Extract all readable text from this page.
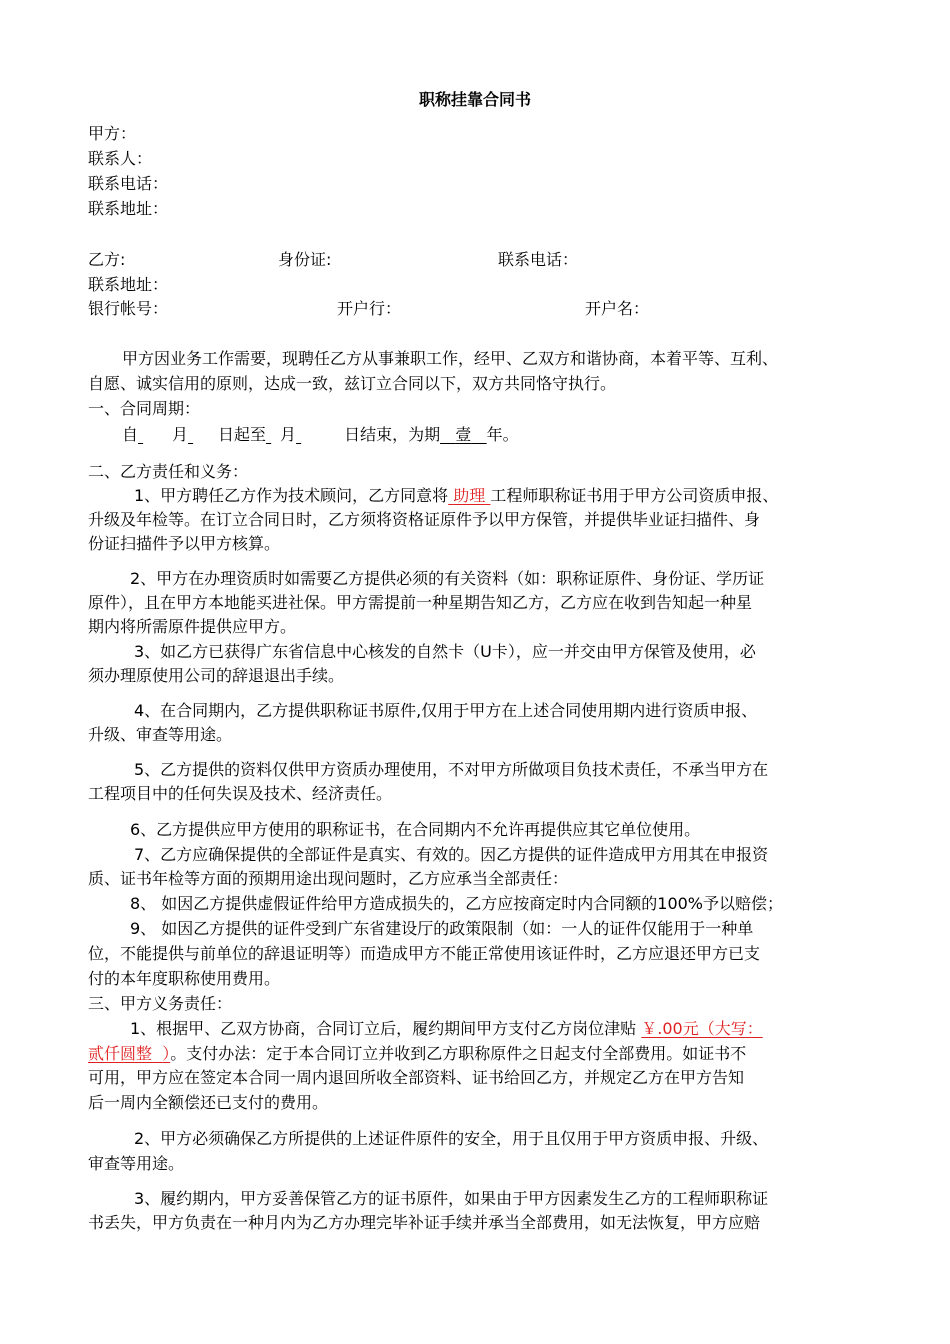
职称挂靠合同书
甲方：
联系人：
联系电话：
联系地址：
乙方:	身份证:	联系电话：
联系地址：
银行帐号：	开户行：	开户名：
甲方因业务工作需要，现聘任乙方从事兼职工作，经甲、乙双方和谐协商，本着平等、互利、
自愿、诚实信用的原则，达成一致，兹订立合同以下，双方共同恪守执行。
一、合同周期：
自​ 月​ 日起至​ 月​	日结束，为期 壹 年。
二、乙方责任和义务：
1、甲方聘任乙方作为技术顾问，乙方同意将 助理 工程师职称证书用于甲方公司资质申报、
升级及年检等。在订立合同日时，乙方须将资格证原件予以甲方保管，并提供毕业证扫描件、身
份证扫描件予以甲方核算。
2、甲方在办理资质时如需要乙方提供必须的有关资料（如：职称证原件、身份证、学历证
原件），且在甲方本地能买进社保。甲方需提前一种星期告知乙方，乙方应在收到告知起一种星
期内将所需原件提供应甲方。
3、如乙方已获得广东省信息中心核发的自然卡（U卡），应一并交由甲方保管及使用，必
须办理原使用公司的辞退退出手续。
4、在合同期内，乙方提供职称证书原件,仅用于甲方在上述合同使用期内进行资质申报、
升级、审查等用途。
5、乙方提供的资料仅供甲方资质办理使用，不对甲方所做项目负技术责任，不承当甲方在
工程项目中的任何失误及技术、经济责任。
6、乙方提供应甲方使用的职称证书，在合同期内不允许再提供应其它单位使用。
7、乙方应确保提供的全部证件是真实、有效的。因乙方提供的证件造成甲方用其在申报资
质、证书年检等方面的预期用途出现问题时，乙方应承当全部责任：
8、 如因乙方提供虚假证件给甲方造成损失的，乙方应按商定时内合同额的100%予以赔偿；
9、 如因乙方提供的证件受到广东省建设厅的政策限制（如：一人的证件仅能用于一种单
位，不能提供与前单位的辞退证明等）而造成甲方不能正常使用该证件时，乙方应退还甲方已支
付的本年度职称使用费用。
三、甲方义务责任：
1、根据甲、乙双方协商，合同订立后，履约期间甲方支付乙方岗位津贴 ￥.00元（大写：
贰仟圆整 ）。支付办法：定于本合同订立并收到乙方职称原件之日起支付全部费用。如证书不
可用，甲方应在签定本合同一周内退回所收全部资料、证书给回乙方，并规定乙方在甲方告知
后一周内全额偿还已支付的费用。
2、甲方必须确保乙方所提供的上述证件原件的安全，用于且仅用于甲方资质申报、升级、
审查等用途。
3、履约期内，甲方妥善保管乙方的证书原件，如果由于甲方因素发生乙方的工程师职称证
书丢失，甲方负责在一种月内为乙方办理完毕补证手续并承当全部费用，如无法恢复，甲方应赔
